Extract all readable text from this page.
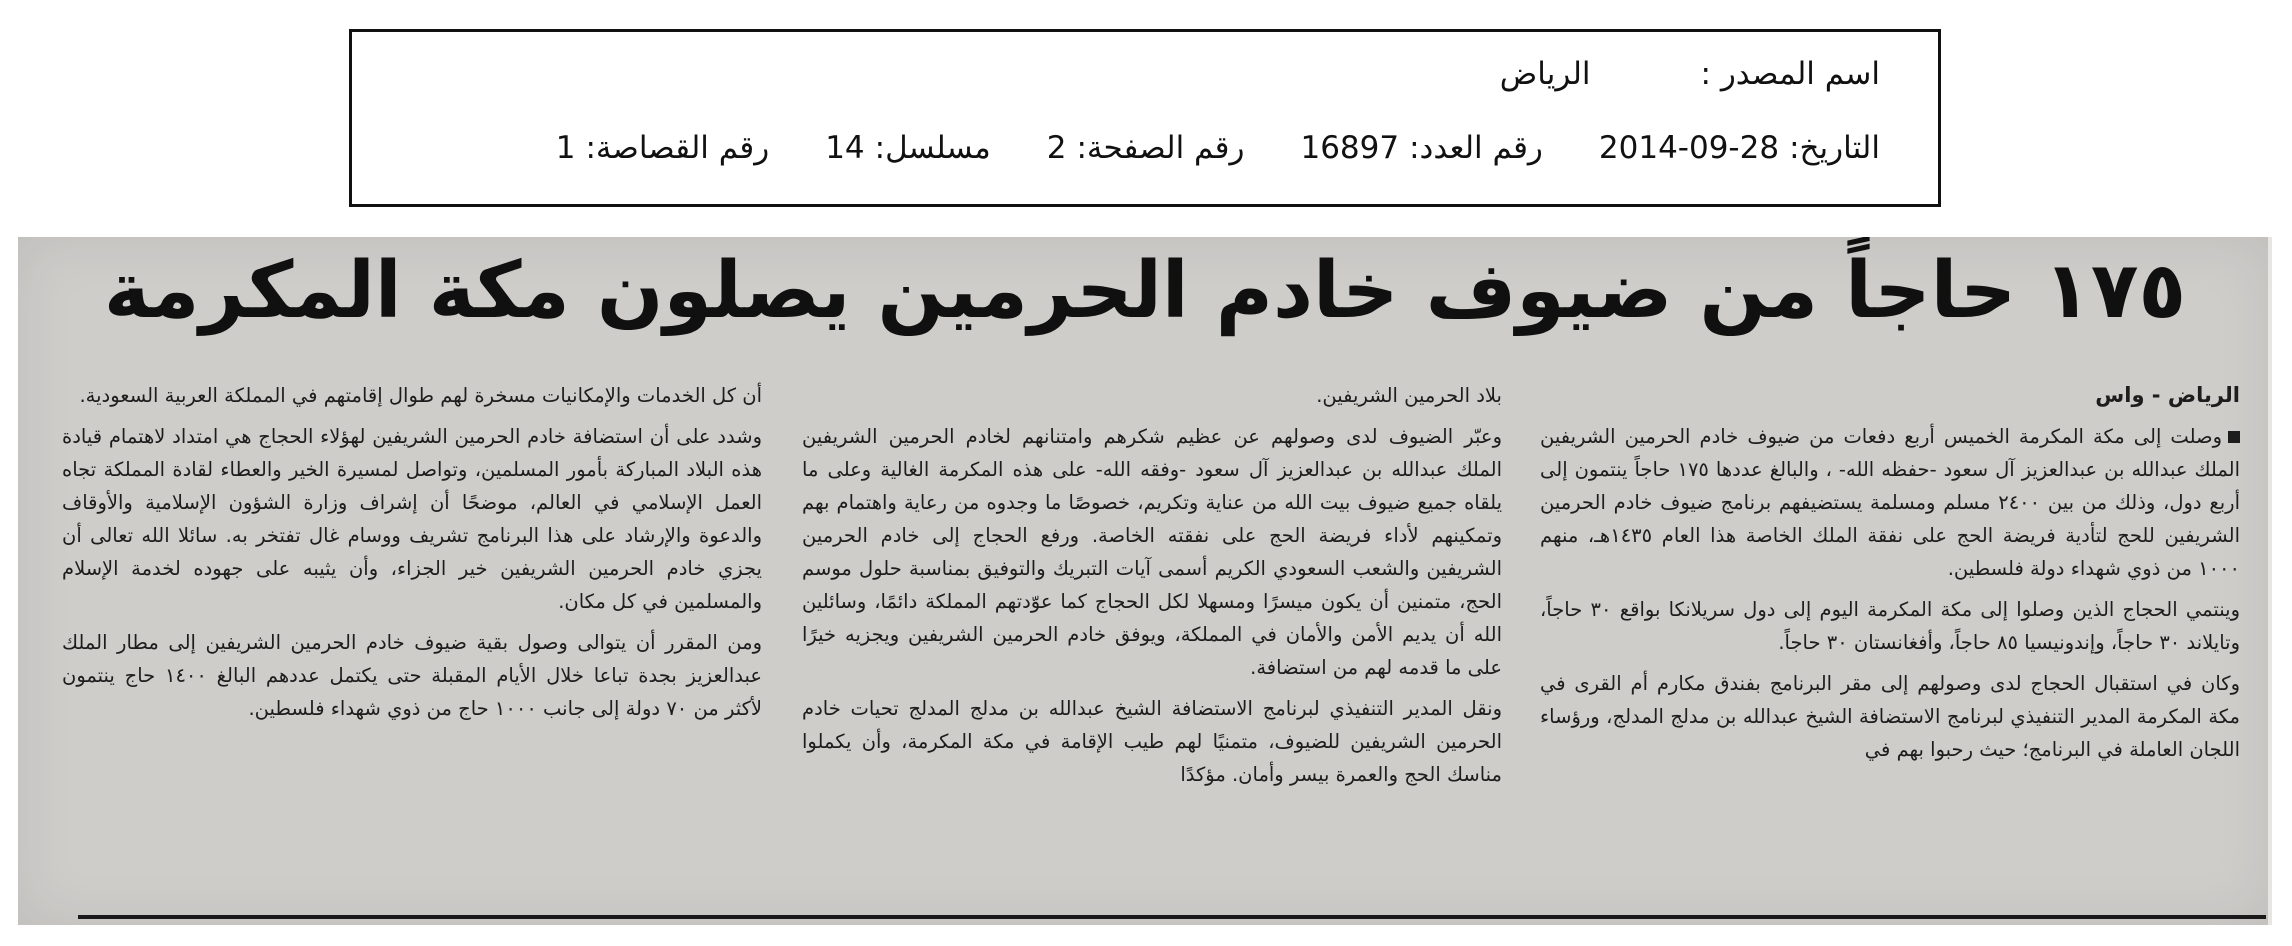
اسم المصدر :
الرياض
التاريخ:
2014-09-28
رقم العدد:
16897
رقم الصفحة:
2
مسلسل:
14
رقم القصاصة:
1
١٧٥ حاجاً من ضيوف خادم الحرمين يصلون مكة المكرمة

الرياض - واس

وصلت إلى مكة المكرمة الخميس أربع دفعات من ضيوف خادم الحرمين الشريفين الملك عبدالله بن عبدالعزيز آل سعود -حفظه الله- ، والبالغ عددها ١٧٥ حاجاً ينتمون إلى أربع دول، وذلك من بين ٢٤٠٠ مسلم ومسلمة يستضيفهم برنامج ضيوف خادم الحرمين الشريفين للحج لتأدية فريضة الحج على نفقة الملك الخاصة هذا العام ١٤٣٥هـ، منهم ١٠٠٠ من ذوي شهداء دولة فلسطين.

وينتمي الحجاج الذين وصلوا إلى مكة المكرمة اليوم إلى دول سريلانكا بواقع ٣٠ حاجاً، وتايلاند ٣٠ حاجاً، وإندونيسيا ٨٥ حاجاً، وأفغانستان ٣٠ حاجاً.

وكان في استقبال الحجاج لدى وصولهم إلى مقر البرنامج بفندق مكارم أم القرى في مكة المكرمة المدير التنفيذي لبرنامج الاستضافة الشيخ عبدالله بن مدلج المدلج، ورؤساء اللجان العاملة في البرنامج؛ حيث رحبوا بهم في

بلاد الحرمين الشريفين.

وعبّر الضيوف لدى وصولهم عن عظيم شكرهم وامتنانهم لخادم الحرمين الشريفين الملك عبدالله بن عبدالعزيز آل سعود -وفقه الله- على هذه المكرمة الغالية وعلى ما يلقاه جميع ضيوف بيت الله من عناية وتكريم، خصوصًا ما وجدوه من رعاية واهتمام بهم وتمكينهم لأداء فريضة الحج على نفقته الخاصة. ورفع الحجاج إلى خادم الحرمين الشريفين والشعب السعودي الكريم أسمى آيات التبريك والتوفيق بمناسبة حلول موسم الحج، متمنين أن يكون ميسرًا ومسهلا لكل الحجاج كما عوّدتهم المملكة دائمًا، وسائلين الله أن يديم الأمن والأمان في المملكة، ويوفق خادم الحرمين الشريفين ويجزيه خيرًا على ما قدمه لهم من استضافة.

ونقل المدير التنفيذي لبرنامج الاستضافة الشيخ عبدالله بن مدلج المدلج تحيات خادم الحرمين الشريفين للضيوف، متمنيًا لهم طيب الإقامة في مكة المكرمة، وأن يكملوا مناسك الحج والعمرة بيسر وأمان. مؤكدًا

أن كل الخدمات والإمكانيات مسخرة لهم طوال إقامتهم في المملكة العربية السعودية.

وشدد على أن استضافة خادم الحرمين الشريفين لهؤلاء الحجاج هي امتداد لاهتمام قيادة هذه البلاد المباركة بأمور المسلمين، وتواصل لمسيرة الخير والعطاء لقادة المملكة تجاه العمل الإسلامي في العالم، موضحًا أن إشراف وزارة الشؤون الإسلامية والأوقاف والدعوة والإرشاد على هذا البرنامج تشريف ووسام غال تفتخر به. سائلا الله تعالى أن يجزي خادم الحرمين الشريفين خير الجزاء، وأن يثيبه على جهوده لخدمة الإسلام والمسلمين في كل مكان.

ومن المقرر أن يتوالى وصول بقية ضيوف خادم الحرمين الشريفين إلى مطار الملك عبدالعزيز بجدة تباعا خلال الأيام المقبلة حتى يكتمل عددهم البالغ ١٤٠٠ حاج ينتمون لأكثر من ٧٠ دولة إلى جانب ١٠٠٠ حاج من ذوي شهداء فلسطين.
